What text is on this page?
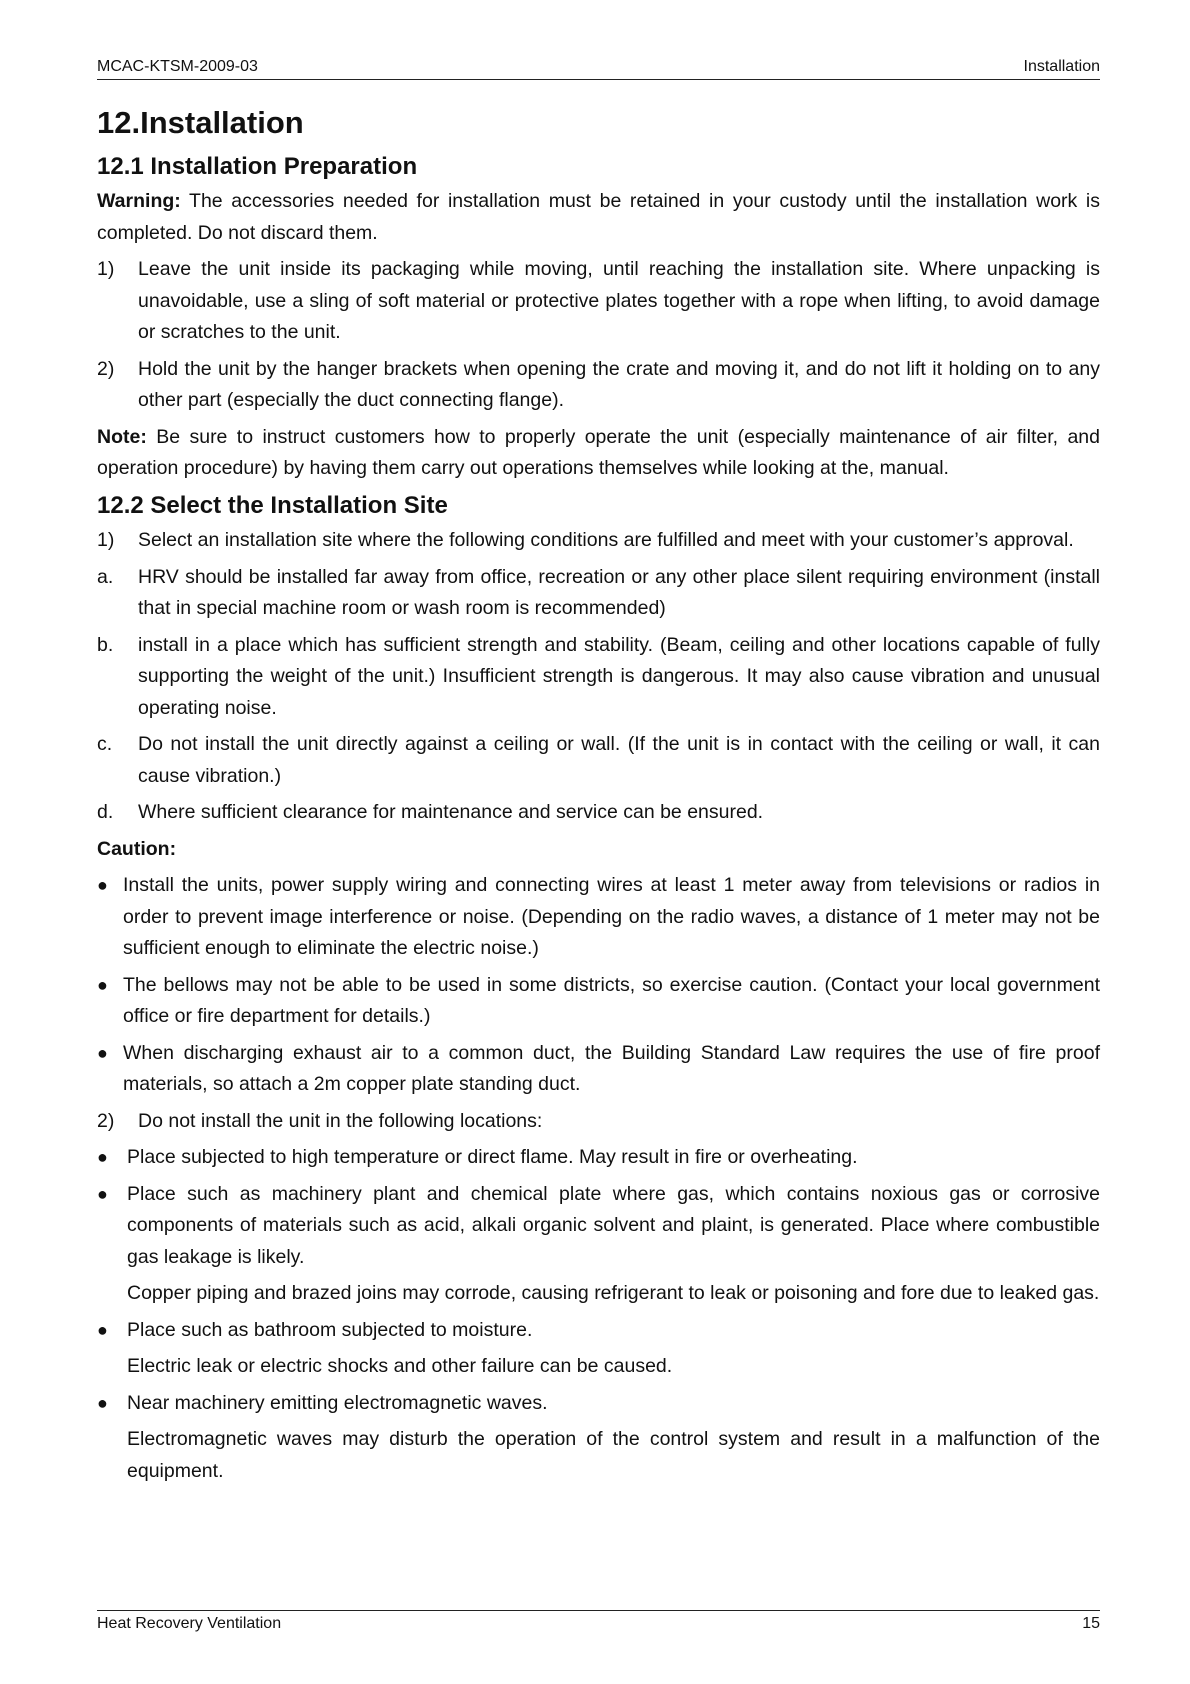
MCAC-KTSM-2009-03	Installation
12.Installation
12.1 Installation Preparation

Warning: The accessories needed for installation must be retained in your custody until the installation work is completed. Do not discard them.

1)	Leave the unit inside its packaging while moving, until reaching the installation site. Where unpacking is unavoidable, use a sling of soft material or protective plates together with a rope when lifting, to avoid damage or scratches to the unit.
2)	Hold the unit by the hanger brackets when opening the crate and moving it, and do not lift it holding on to any other part (especially the duct connecting flange).

Note: Be sure to instruct customers how to properly operate the unit (especially maintenance of air filter, and operation procedure) by having them carry out operations themselves while looking at the, manual.

12.2 Select the Installation Site
1)	Select an installation site where the following conditions are fulfilled and meet with your customer’s approval.
a.	HRV should be installed far away from office, recreation or any other place silent requiring environment (install that in special machine room or wash room is recommended)
b.	install in a place which has sufficient strength and stability. (Beam, ceiling and other locations capable of fully supporting the weight of the unit.) Insufficient strength is dangerous. It may also cause vibration and unusual operating noise.
c.	Do not install the unit directly against a ceiling or wall. (If the unit is in contact with the ceiling or wall, it can cause vibration.)
d.	Where sufficient clearance for maintenance and service can be ensured.

Caution:

● Install the units, power supply wiring and connecting wires at least 1 meter away from televisions or radios in order to prevent image interference or noise. (Depending on the radio waves, a distance of 1 meter may not be sufficient enough to eliminate the electric noise.)
● The bellows may not be able to be used in some districts, so exercise caution. (Contact your local government office or fire department for details.)
● When discharging exhaust air to a common duct, the Building Standard Law requires the use of fire proof materials, so attach a 2m copper plate standing duct.
2)	Do not install the unit in the following locations:
● Place subjected to high temperature or direct flame. May result in fire or overheating.
● Place such as machinery plant and chemical plate where gas, which contains noxious gas or corrosive components of materials such as acid, alkali organic solvent and plaint, is generated. Place where combustible gas leakage is likely.

Copper piping and brazed joins may corrode, causing refrigerant to leak or poisoning and fore due to leaked gas.

● Place such as bathroom subjected to moisture.

Electric leak or electric shocks and other failure can be caused.

● Near machinery emitting electromagnetic waves.

Electromagnetic waves may disturb the operation of the control system and result in a malfunction of the equipment.

Heat Recovery Ventilation	15
